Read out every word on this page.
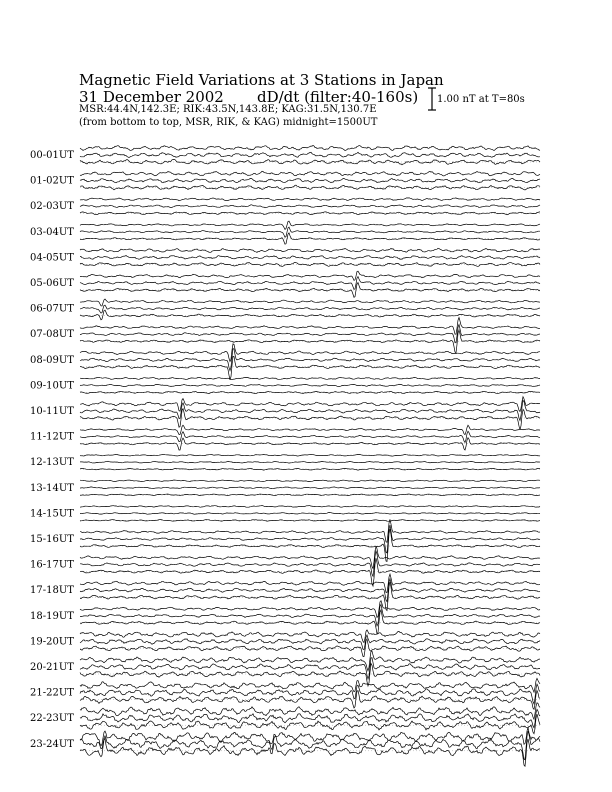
Magnetic Field Variations at 3 Stations in Japan
31 December 2002 dD/dt (filter:40-160s)
MSR:44.4N,142.3E; RIK:43.5N,143.8E; KAG:31.5N,130.7E
(from bottom to top, MSR, RIK, & KAG) midnight=1500UT
1.00 nT at T=80s
00-01UT
01-02UT
02-03UT
03-04UT
04-05UT
05-06UT
06-07UT
07-08UT
08-09UT
09-10UT
10-11UT
11-12UT
12-13UT
13-14UT
14-15UT
15-16UT
16-17UT
17-18UT
18-19UT
19-20UT
20-21UT
21-22UT
22-23UT
23-24UT
